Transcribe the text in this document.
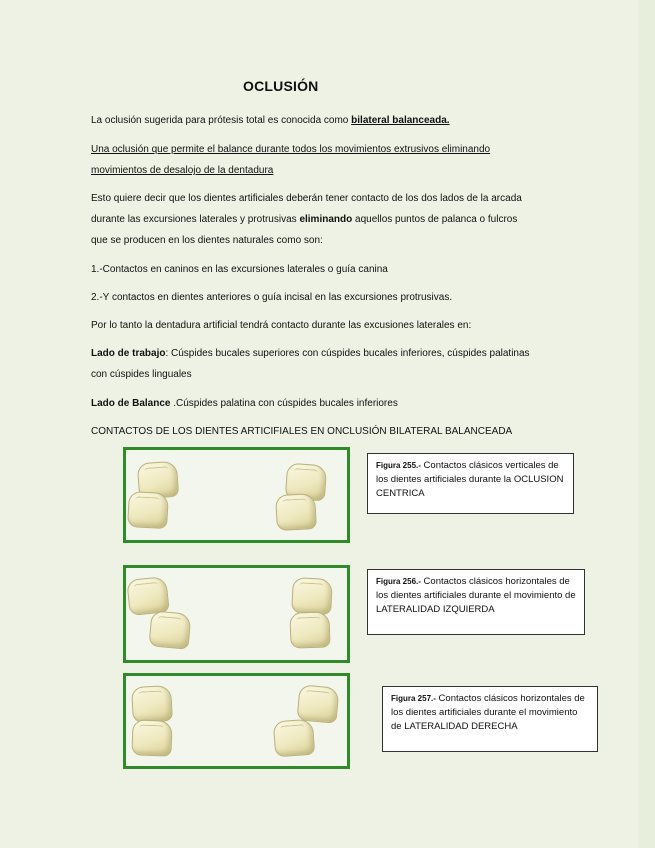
OCLUSIÓN
La oclusión sugerida para prótesis total es conocida como bilateral balanceada.
Una oclusión que permite el balance durante todos los movimientos extrusivos eliminando
movimientos de desalojo de la dentadura
Esto quiere decir que los dientes artificiales deberán tener contacto de los dos lados de la arcada
durante las excursiones laterales y protrusivas eliminando aquellos puntos de palanca o fulcros
que se producen en los dientes naturales como son:
1.-Contactos en caninos en las excursiones laterales o guía canina
2.-Y contactos en dientes anteriores o guía incisal en las excursiones protrusivas.
Por lo tanto la dentadura artificial tendrá contacto durante las excusiones laterales en:
Lado de trabajo: Cúspides bucales superiores con cúspides bucales inferiores, cúspides palatinas
con cúspides linguales
Lado de Balance .Cúspides palatina con cúspides bucales inferiores
CONTACTOS DE LOS DIENTES ARTICIFIALES EN ONCLUSIÓN BILATERAL BALANCEADA
Figura 255.- Contactos clásicos verticales de los dientes artificiales durante la OCLUSION CENTRICA
Figura 256.- Contactos clásicos horizontales de los dientes artificiales durante el movimiento de LATERALIDAD IZQUIERDA
Figura 257.- Contactos clásicos horizontales de los dientes artificiales durante el movimiento de LATERALIDAD DERECHA
